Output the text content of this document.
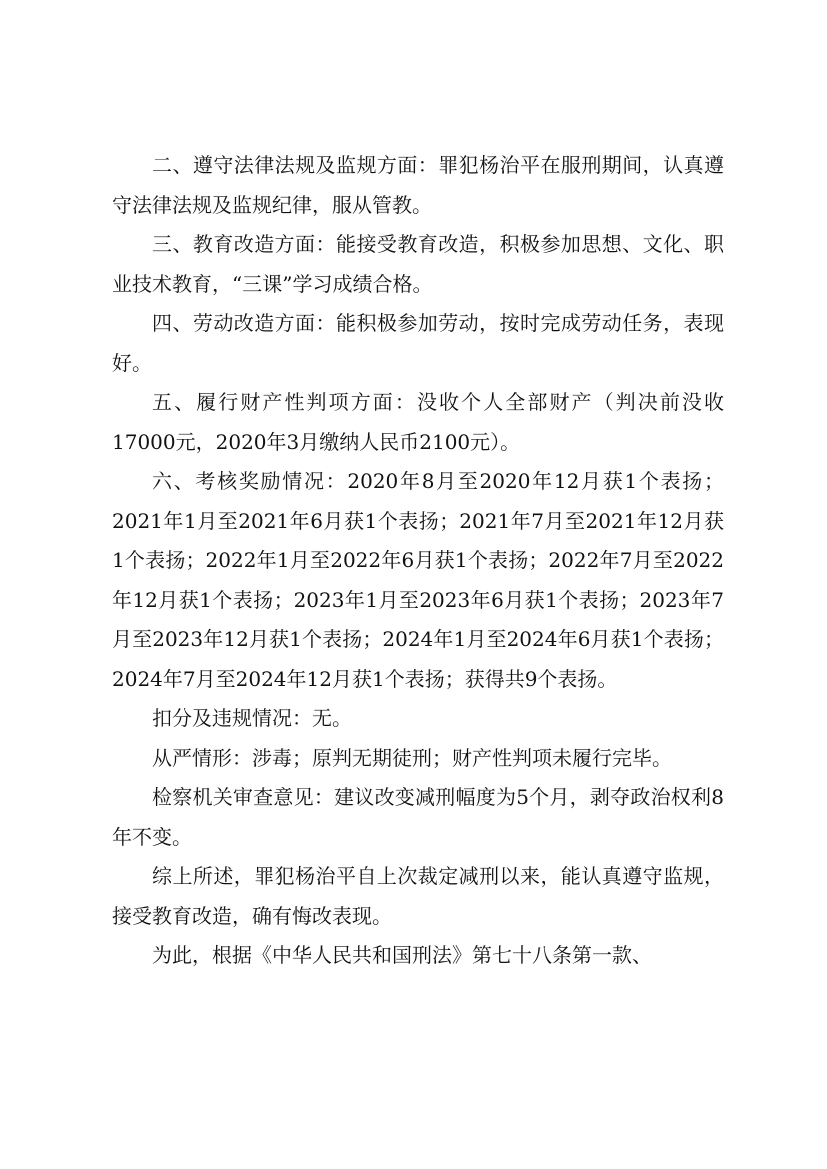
二、遵守法律法规及监规方面：罪犯杨治平在服刑期间，认真遵守法律法规及监规纪律，服从管教。

三、教育改造方面：能接受教育改造，积极参加思想、文化、职业技术教育，“三课”学习成绩合格。

四、劳动改造方面：能积极参加劳动，按时完成劳动任务，表现好。

五、履行财产性判项方面：没收个人全部财产（判决前没收17000元，2020年3月缴纳人民币2100元）。

六、考核奖励情况：2020年8月至2020年12月获1个表扬；2021年1月至2021年6月获1个表扬；2021年7月至2021年12月获1个表扬；2022年1月至2022年6月获1个表扬；2022年7月至2022年12月获1个表扬；2023年1月至2023年6月获1个表扬；2023年7月至2023年12月获1个表扬；2024年1月至2024年6月获1个表扬；2024年7月至2024年12月获1个表扬；获得共9个表扬。

扣分及违规情况：无。

从严情形：涉毒；原判无期徒刑；财产性判项未履行完毕。

检察机关审查意见：建议改变减刑幅度为5个月，剥夺政治权利8年不变。

综上所述，罪犯杨治平自上次裁定减刑以来，能认真遵守监规，接受教育改造，确有悔改表现。

为此，根据《中华人民共和国刑法》第七十八条第一款、
